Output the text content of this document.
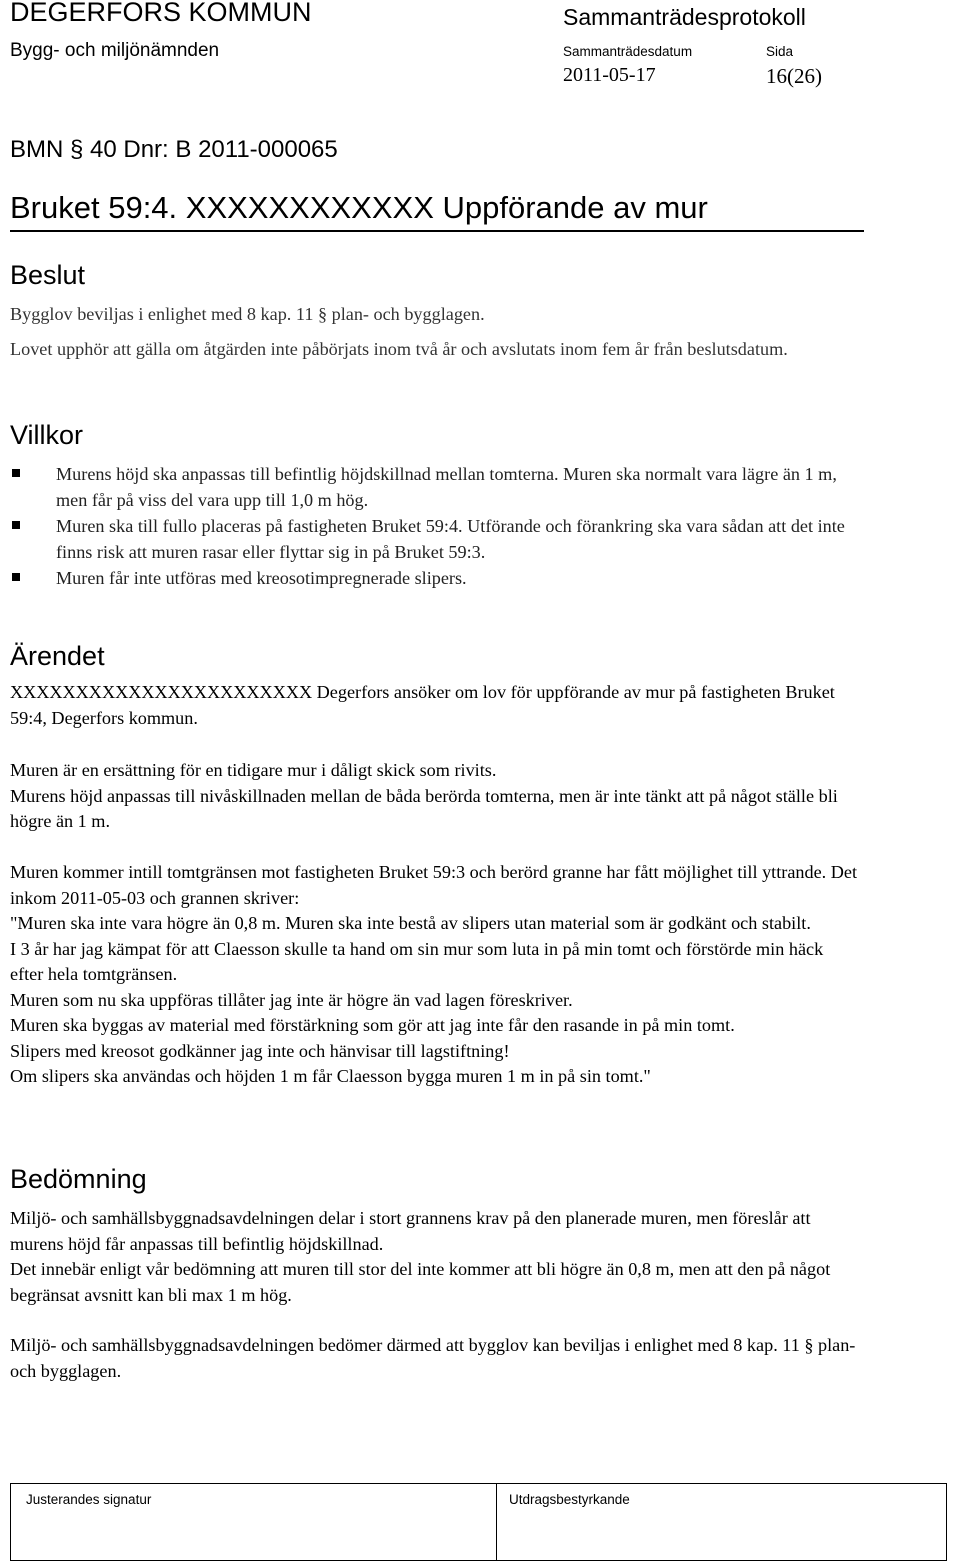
DEGERFORS KOMMUN
Bygg- och miljönämnden
Sammanträdesprotokoll
Sammanträdesdatum	Sida
2011-05-17	16(26)
BMN § 40 Dnr: B 2011-000065
Bruket 59:4. XXXXXXXXXXXX Uppförande av mur
Beslut

Bygglov beviljas i enlighet med 8 kap. 11 § plan- och bygglagen.

Lovet upphör att gälla om åtgärden inte påbörjats inom två år och avslutats inom fem år från beslutsdatum.

Villkor
Murens höjd ska anpassas till befintlig höjdskillnad mellan tomterna. Muren ska normalt vara lägre än 1 m, men får på viss del vara upp till 1,0 m hög.
Muren ska till fullo placeras på fastigheten Bruket 59:4. Utförande och förankring ska vara sådan att det inte finns risk att muren rasar eller flyttar sig in på Bruket 59:3.
Muren får inte utföras med kreosotimpregnerade slipers.
Ärendet

XXXXXXXXXXXXXXXXXXXXXXX Degerfors ansöker om lov för uppförande av mur på fastigheten Bruket 59:4, Degerfors kommun.

Muren är en ersättning för en tidigare mur i dåligt skick som rivits.

Murens höjd anpassas till nivåskillnaden mellan de båda berörda tomterna, men är inte tänkt att på något ställe bli högre än 1 m.

Muren kommer intill tomtgränsen mot fastigheten Bruket 59:3 och berörd granne har fått möjlighet till yttrande. Det inkom 2011-05-03 och grannen skriver:

"Muren ska inte vara högre än 0,8 m. Muren ska inte bestå av slipers utan material som är godkänt och stabilt.

I 3 år har jag kämpat för att Claesson skulle ta hand om sin mur som luta in på min tomt och förstörde min häck efter hela tomtgränsen.

Muren som nu ska uppföras tillåter jag inte är högre än vad lagen föreskriver.

Muren ska byggas av material med förstärkning som gör att jag inte får den rasande in på min tomt.

Slipers med kreosot godkänner jag inte och hänvisar till lagstiftning!

Om slipers ska användas och höjden 1 m får Claesson bygga muren 1 m in på sin tomt."

Bedömning

Miljö- och samhällsbyggnadsavdelningen delar i stort grannens krav på den planerade muren, men föreslår att murens höjd får anpassas till befintlig höjdskillnad.

Det innebär enligt vår bedömning att muren till stor del inte kommer att bli högre än 0,8 m, men att den på något begränsat avsnitt kan bli max 1 m hög.

Miljö- och samhällsbyggnadsavdelningen bedömer därmed att bygglov kan beviljas i enlighet med 8 kap. 11 § plan- och bygglagen.

Justerandes signatur	Utdragsbestyrkande
